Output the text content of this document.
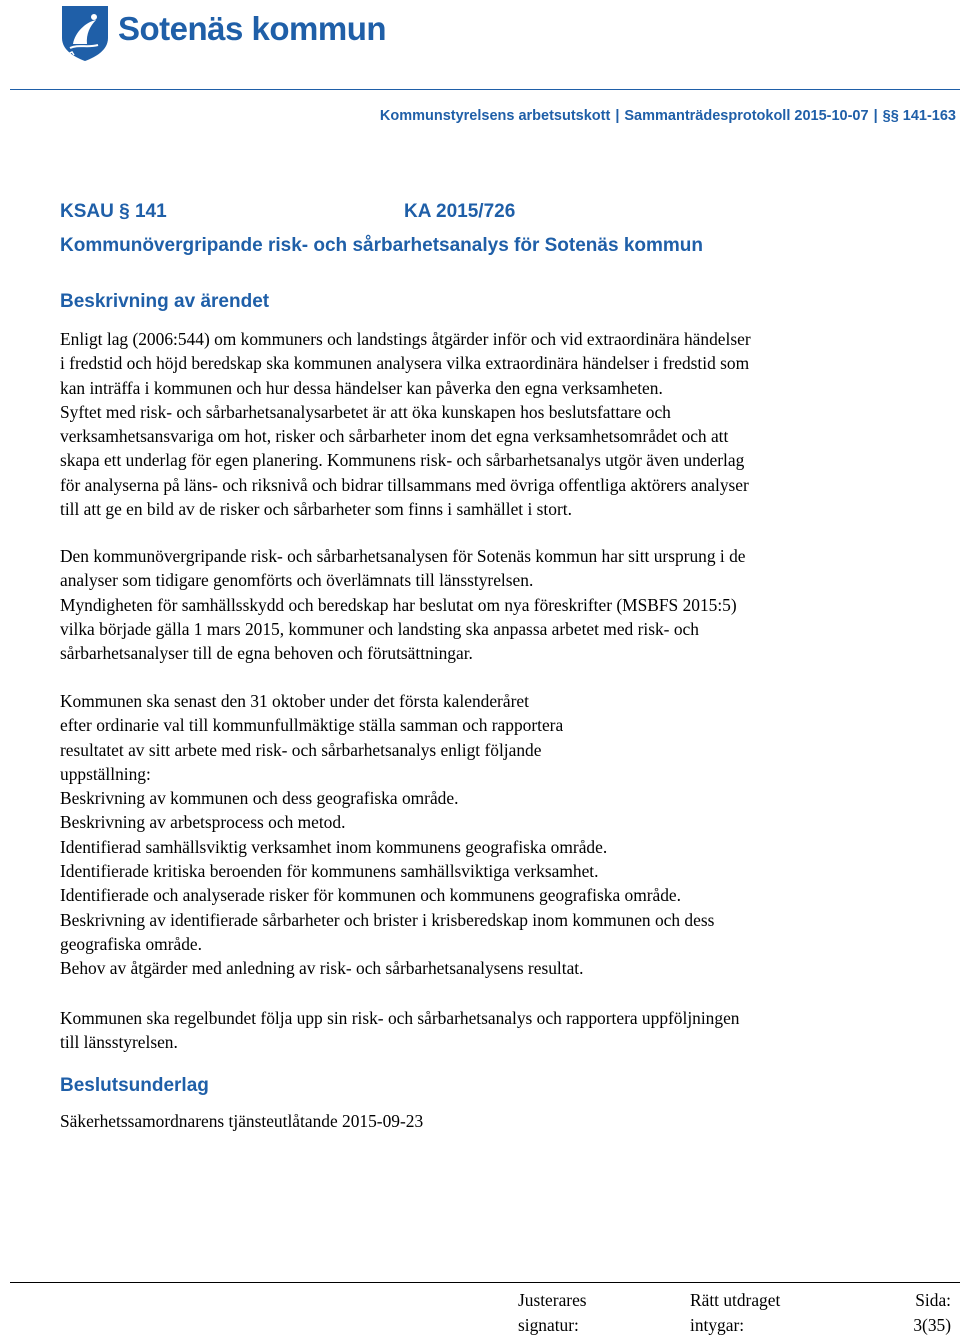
Sotenäs kommun
Kommunstyrelsens arbetsutskott | Sammanträdesprotokoll 2015-10-07 | §§ 141-163
KSAU § 141	KA 2015/726
Kommunövergripande risk- och sårbarhetsanalys för Sotenäs kommun
Beskrivning av ärendet

Enligt lag (2006:544) om kommuners och landstings åtgärder inför och vid extraordinära händelser

i fredstid och höjd beredskap ska kommunen analysera vilka extraordinära händelser i fredstid som

kan inträffa i kommunen och hur dessa händelser kan påverka den egna verksamheten.

Syftet med risk- och sårbarhetsanalysarbetet är att öka kunskapen hos beslutsfattare och

verksamhetsansvariga om hot, risker och sårbarheter inom det egna verksamhetsområdet och att

skapa ett underlag för egen planering. Kommunens risk- och sårbarhetsanalys utgör även underlag

för analyserna på läns- och riksnivå och bidrar tillsammans med övriga offentliga aktörers analyser

till att ge en bild av de risker och sårbarheter som finns i samhället i stort.

Den kommunövergripande risk- och sårbarhetsanalysen för Sotenäs kommun har sitt ursprung i de

analyser som tidigare genomförts och överlämnats till länsstyrelsen.

Myndigheten för samhällsskydd och beredskap har beslutat om nya föreskrifter (MSBFS 2015:5)

vilka började gälla 1 mars 2015, kommuner och landsting ska anpassa arbetet med risk- och

sårbarhetsanalyser till de egna behoven och förutsättningar.

Kommunen ska senast den 31 oktober under det första kalenderåret

efter ordinarie val till kommunfullmäktige ställa samman och rapportera

resultatet av sitt arbete med risk- och sårbarhetsanalys enligt följande

uppställning:

Beskrivning av kommunen och dess geografiska område.

Beskrivning av arbetsprocess och metod.

Identifierad samhällsviktig verksamhet inom kommunens geografiska område.

Identifierade kritiska beroenden för kommunens samhällsviktiga verksamhet.

Identifierade och analyserade risker för kommunen och kommunens geografiska område.

Beskrivning av identifierade sårbarheter och brister i krisberedskap inom kommunen och dess

geografiska område.

Behov av åtgärder med anledning av risk- och sårbarhetsanalysens resultat.

Kommunen ska regelbundet följa upp sin risk- och sårbarhetsanalys och rapportera uppföljningen

till länsstyrelsen.

Beslutsunderlag

Säkerhetssamordnarens tjänsteutlåtande 2015-09-23

Justerares
signatur:
Rätt utdraget
intygar:
Sida:
3(35)
